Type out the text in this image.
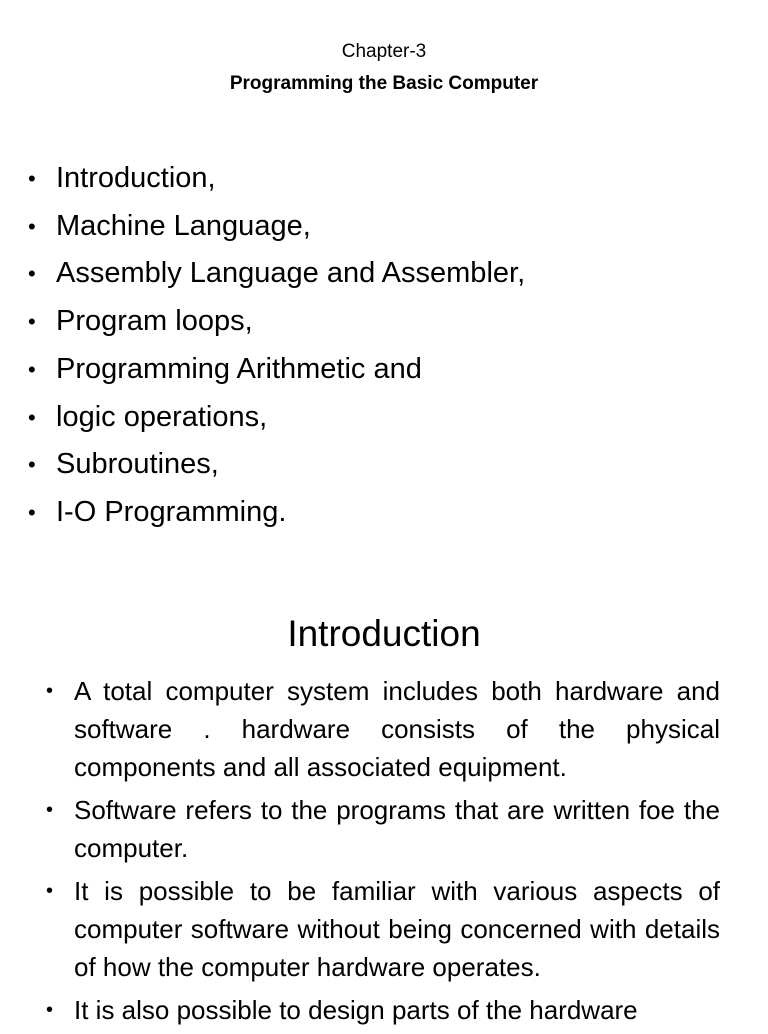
Chapter-3

Programming the Basic Computer

• Introduction,
• Machine Language,
• Assembly Language and Assembler,
• Program loops,
• Programming Arithmetic and
• logic operations,
• Subroutines,
• I-O Programming.
Introduction
• A total computer system includes both hardware and software . hardware consists of the physical components and all associated equipment.
• Software refers to the programs that are written foe the computer.
• It is possible to be familiar with various aspects of computer software without being concerned with details of how the computer hardware operates.
• It is also possible to design parts of the hardware
